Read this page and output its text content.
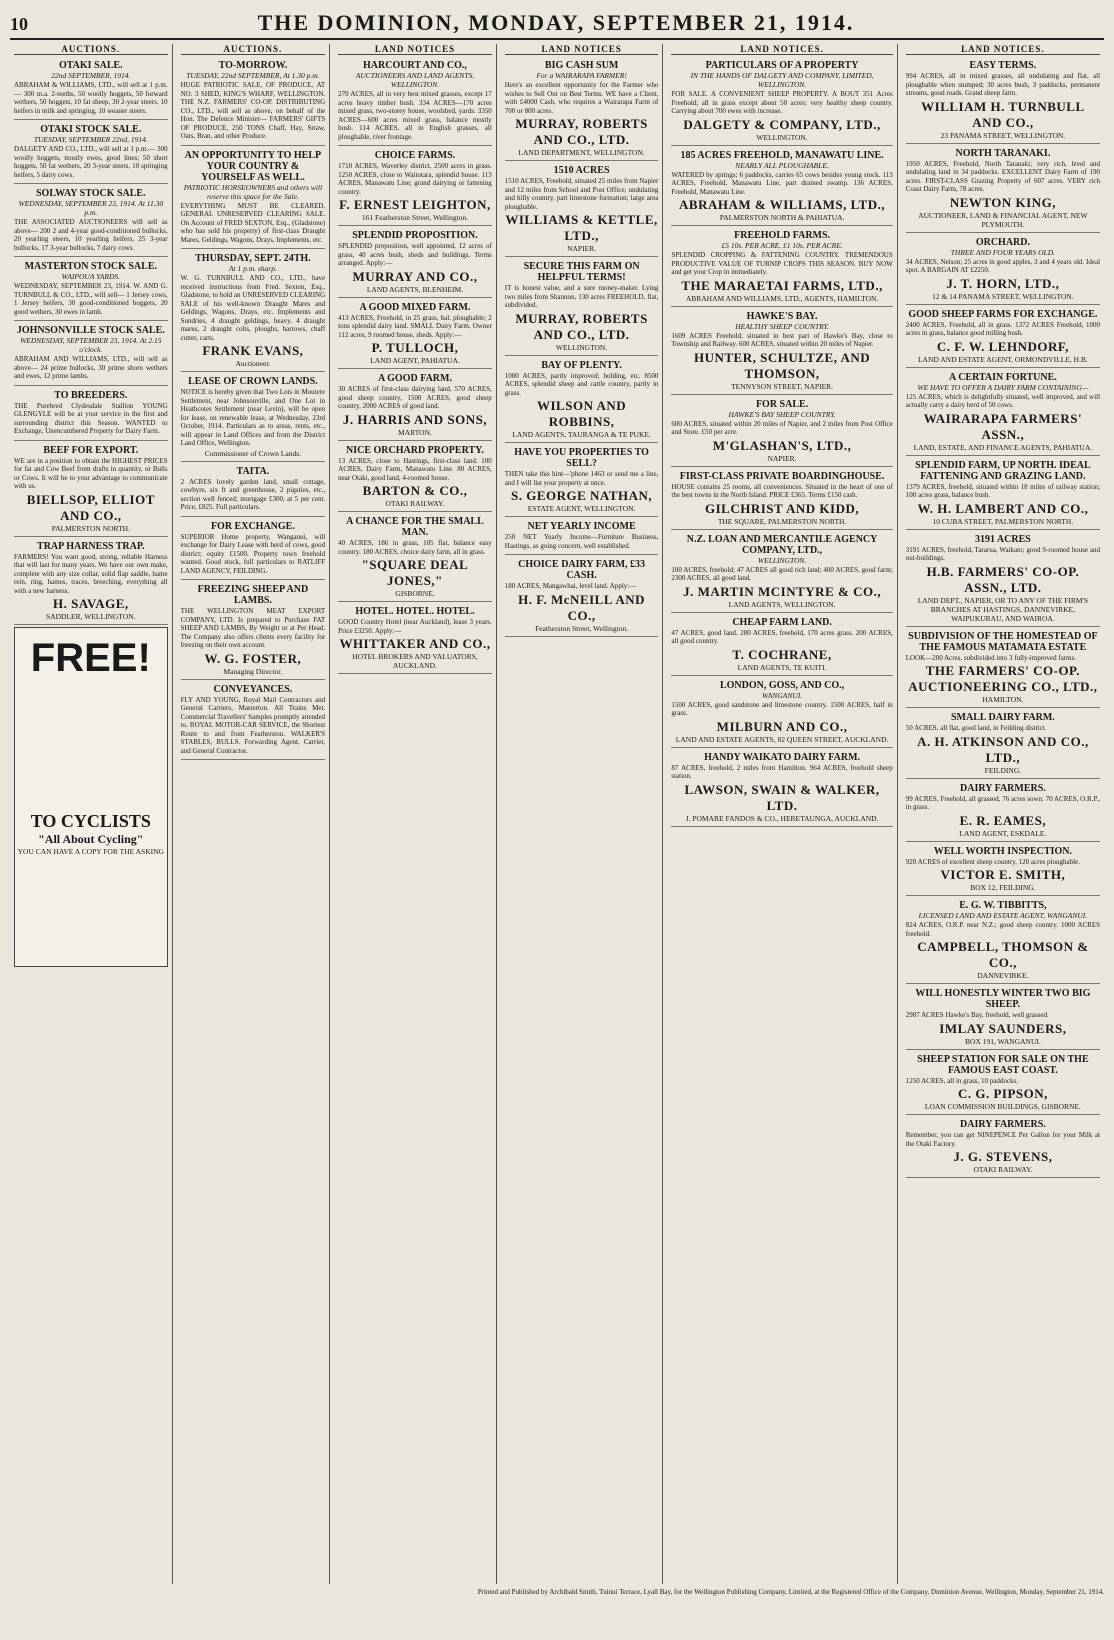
10	THE DOMINION, MONDAY, SEPTEMBER 21, 1914.
AUCTIONS.
OTAKI SALE.
22nd SEPTEMBER, 1914.
ABRAHAM & WILLIAMS, LTD., will sell at 1 p.m.— 300 m.a. 2-teeths, 50 woolly hoggets, 50 forward wethers, 50 hoggets, 10 fat sheep, 30 2-year steers, 10 heifers in milk and springing, 10 weaner steers.
OTAKI STOCK SALE.
TUESDAY, SEPTEMBER 22nd, 1914.
DALGETY AND CO., LTD., will sell at 1 p.m.— 300 woolly hoggets, mostly ewes, good lines; 50 short hoggets, 50 fat wethers, 20 3-year steers, 10 springing heifers, 5 dairy cows.
SOLWAY STOCK SALE.
WEDNESDAY, SEPTEMBER 23, 1914. At 11.30 p.m.
THE ASSOCIATED AUCTIONEERS will sell as above— 200 2 and 4-year good-conditioned bullocks, 20 yearling steers, 10 yearling heifers, 25 3-year bullocks, 17 3-year bullocks, 7 dairy cows.
MASTERTON STOCK SALE.
WAIPOUA YARDS.
WEDNESDAY, SEPTEMBER 23, 1914. W. AND G. TURNBULL & CO., LTD., will sell— 1 Jersey cows, 1 Jersey heifers, 30 good-conditioned hoggets, 20 good wethers, 30 ewes in lamb.
JOHNSONVILLE STOCK SALE.
WEDNESDAY, SEPTEMBER 23, 1914. At 2.15 o'clock.
ABRAHAM AND WILLIAMS, LTD., will sell as above— 24 prime bullocks, 30 prime shorn wethers and ewes, 12 prime lambs.
TO BREEDERS.
THE Purebred Clydesdale Stallion YOUNG GLENGYLE will be at your service in the first and surrounding district this Season. WANTED to Exchange, Unencumbered Property for Dairy Farm.
BEEF FOR EXPORT.
WE are in a position to obtain the HIGHEST PRICES for fat and Cow Beef from drafts in quantity, or Bulls or Cows. It will be to your advantage to communicate with us.
BIELLSOP, ELLIOT AND CO.,
PALMERSTON NORTH.
TRAP HARNESS TRAP.
FARMERS! You want good, strong, reliable Harness that will last for many years. We have our own make, complete with any size collar, solid flap saddle, hame rein, ring, hames, traces, breeching, everything all with a new harness.
H. SAVAGE,
SADDLER, WELLINGTON.
FREE!
TO CYCLISTS
"All About Cycling"
YOU CAN HAVE A COPY FOR THE ASKING
AUCTIONS.
TO-MORROW.
TUESDAY, 22nd SEPTEMBER, At 1.30 p.m.
HUGE PATRIOTIC SALE, OF PRODUCE, AT NO. 3 SHED, KING'S WHARF, WELLINGTON. THE N.Z. FARMERS' CO-OP. DISTRIBUTING CO., LTD., will sell as above, on behalf of the Hon. The Defence Minister— FARMERS' GIFTS OF PRODUCE, 250 TONS Chaff, Hay, Straw, Oats, Bran, and other Produce.
AN OPPORTUNITY TO HELP YOUR COUNTRY & YOURSELF AS WELL.
PATRIOTIC HORSEOWNERS and others will reserve this space for the Sale.
EVERYTHING MUST BE CLEARED. GENERAL UNRESERVED CLEARING SALE. On Account of FRED SEXTON, Esq., (Gladstone) who has sold his property) of first-class Draught Mares, Geldings, Wagons, Drays, Implements, etc.
THURSDAY, SEPT. 24TH.
At 1 p.m. sharp.
W. G. TURNBULL AND CO., LTD., have received instructions from Fred. Sexton, Esq., Gladstone, to hold an UNRESERVED CLEARING SALE of his well-known Draught Mares and Geldings, Wagons, Drays, etc. Implements and Sundries, 4 draught geldings, heavy, 4 draught mares, 2 draught colts, ploughs, harrows, chaff cutter, carts.
FRANK EVANS,
Auctioneer.
LEASE OF CROWN LANDS.
NOTICE is hereby given that Two Lots in Moutere Settlement, near Johnsonville, and One Lot in Heathcotes Settlement (near Levin), will be open for lease, on renewable lease, at Wednesday, 23rd October, 1914. Particulars as to areas, rents, etc., will appear in Land Offices and from the District Land Office, Wellington.
Commissioner of Crown Lands.
TAITA.
2 ACRES lovely garden land, small cottage, cowbyre, six ft and greenhouse, 2 pigsties, etc., section well fenced; mortgage £300, at 5 per cent. Price, £825. Full particulars.
FOR EXCHANGE.
SUPERIOR Home property, Wanganui, will exchange for Dairy Lease with herd of cows, good district; equity £1500. Property town freehold wanted. Good stock, full particulars to RATLIFF LAND AGENCY, FEILDING.
FREEZING SHEEP AND LAMBS.
THE WELLINGTON MEAT EXPORT COMPANY, LTD. Is prepared to Purchase FAT SHEEP AND LAMBS, By Weight or at Per Head. The Company also offers clients every facility for freezing on their own account.
W. G. FOSTER,
Managing Director.
CONVEYANCES.
FLY AND YOUNG, Royal Mail Contractors and General Carriers, Masterton. All Trains Met. Commercial Travellers' Samples promptly attended to. ROYAL MOTOR-CAR SERVICE, the Shortest Route to and from Featherston. WALKER'S STABLES, BULLS. Forwarding Agent, Carrier, and General Contractor.
LAND NOTICES
HARCOURT AND CO.,
AUCTIONEERS AND LAND AGENTS, WELLINGTON.
270 ACRES, all in very best mixed grasses, except 17 acres heavy timber bush. 334 ACRES—170 acres mixed grass, two-storey house, woolshed, yards. 3350 ACRES—600 acres mixed grass, balance mostly bush. 114 ACRES, all in English grasses, all ploughable, river frontage.
CHOICE FARMS.
1710 ACRES, Waverley district, 2500 acres in grass. 1250 ACRES, close to Waitotara, splendid house. 113 ACRES, Manawatu Line; grand dairying or fattening country.
F. ERNEST LEIGHTON,
161 Featherston Street, Wellington.
SPLENDID PROPOSITION.
SPLENDID proposition, well appointed, 12 acres of grass, 40 acres bush, sheds and buildings. Terms arranged. Apply:—
MURRAY AND CO.,
LAND AGENTS, BLENHEIM.
A GOOD MIXED FARM.
413 ACRES, Freehold, in 25 grass, bal. ploughable; 2 tons splendid dairy land. SMALL Dairy Farm, Owner 112 acres, 9 roomed house, sheds. Apply:—
P. TULLOCH,
LAND AGENT, PAHIATUA.
A GOOD FARM.
30 ACRES of first-class dairying land, 570 ACRES, good sheep country, 1500 ACRES, good sheep country, 2000 ACRES of good land.
J. HARRIS AND SONS,
MARTON.
NICE ORCHARD PROPERTY.
13 ACRES, close to Hastings, first-class land. 100 ACRES, Dairy Farm, Manawatu Line. 80 ACRES, near Otaki, good land, 4-roomed house.
BARTON & CO.,
OTAKI RAILWAY.
A CHANCE FOR THE SMALL MAN.
40 ACRES, 186 in grass, 105 flat, balance easy country. 180 ACRES, choice dairy farm, all in grass.
"SQUARE DEAL JONES,"
GISBORNE.
HOTEL. HOTEL. HOTEL.
GOOD Country Hotel (near Auckland), lease 3 years. Price £3250. Apply:—
WHITTAKER AND CO.,
HOTEL BROKERS AND VALUATORS, AUCKLAND.
LAND NOTICES
BIG CASH SUM
For a WAIRARAPA FARMER!
Here's an excellent opportunity for the Farmer who wishes to Sell Out on Best Terms. WE have a Client, with £4000 Cash, who requires a Wairarapa Farm of 700 or 800 acres.
MURRAY, ROBERTS AND CO., LTD.
LAND DEPARTMENT, WELLINGTON.
1510 ACRES
1510 ACRES, Freehold, situated 25 miles from Napier and 12 miles from School and Post Office; undulating and hilly country, part limestone formation; large area ploughable.
WILLIAMS & KETTLE, LTD.,
NAPIER.
SECURE THIS FARM ON HELPFUL TERMS!
IT is honest value, and a sure money-maker. Lying two miles from Shannon, 130 acres FREEHOLD, flat, subdivided.
MURRAY, ROBERTS AND CO., LTD.
WELLINGTON.
BAY OF PLENTY.
1000 ACRES, partly improved; holding, etc. 8500 ACRES, splendid sheep and cattle country, partly in grass.
WILSON AND ROBBINS,
LAND AGENTS, TAURANGA & TE PUKE.
HAVE YOU PROPERTIES TO SELL?
THEN take this hint—'phone 1463 or send me a line, and I will list your property at once.
S. GEORGE NATHAN,
ESTATE AGENT, WELLINGTON.
NET YEARLY INCOME
250 NET Yearly Income—Furniture Business, Hastings, as going concern, well established.
CHOICE DAIRY FARM, £33 CASH.
180 ACRES, Mangawhai, level land. Apply:—
H. F. McNEILL AND CO.,
Featherston Street, Wellington.
LAND NOTICES.
PARTICULARS OF A PROPERTY
IN THE HANDS OF DALGETY AND COMPANY, LIMITED, WELLINGTON.
FOR SALE. A CONVENIENT SHEEP PROPERTY. A BOUT 351 Acres Freehold; all in grass except about 50 acres; very healthy sheep country. Carrying about 700 ewes with increase.
DALGETY & COMPANY, LTD.,
WELLINGTON.
185 ACRES FREEHOLD, MANAWATU LINE.
NEARLY ALL PLOUGHABLE.
WATERED by springs; 6 paddocks, carries 65 cows besides young stock. 113 ACRES, Freehold, Manawatu Line, part drained swamp. 136 ACRES, Freehold, Manawatu Line.
ABRAHAM & WILLIAMS, LTD.,
PALMERSTON NORTH & PAHIATUA.
FREEHOLD FARMS.
£5 10s. PER ACRE. £1 10s. PER ACRE.
SPLENDID CROPPING & FATTENING COUNTRY. TREMENDOUS PRODUCTIVE VALUE OF TURNIP CROPS THIS SEASON. BUY NOW and get your Crop in immediately.
THE MARAETAI FARMS, LTD.,
ABRAHAM AND WILLIAMS, LTD., AGENTS, HAMILTON.
HAWKE'S BAY.
HEALTHY SHEEP COUNTRY.
1609 ACRES Freehold, situated in best part of Hawke's Bay, close to Township and Railway. 600 ACRES, situated within 20 miles of Napier.
HUNTER, SCHULTZE, AND THOMSON,
TENNYSON STREET, NAPIER.
FOR SALE.
HAWKE'S BAY SHEEP COUNTRY.
600 ACRES, situated within 20 miles of Napier, and 2 miles from Post Office and Store. £50 per acre.
M'GLASHAN'S, LTD.,
NAPIER.
FIRST-CLASS PRIVATE BOARDINGHOUSE.
HOUSE contains 25 rooms, all conveniences. Situated in the heart of one of the best towns in the North Island. PRICE £365. Terms £150 cash.
GILCHRIST AND KIDD,
THE SQUARE, PALMERSTON NORTH.
N.Z. LOAN AND MERCANTILE AGENCY COMPANY, LTD.,
WELLINGTON.
100 ACRES, freehold; 47 ACRES all good rich land; 400 ACRES, good farm; 2300 ACRES, all good land.
J. MARTIN MCINTYRE & CO.,
LAND AGENTS, WELLINGTON.
CHEAP FARM LAND.
47 ACRES, good land. 280 ACRES, freehold, 170 acres grass. 200 ACRES, all good country.
T. COCHRANE,
LAND AGENTS, TE KUITI.
LONDON, GOSS, AND CO.,
WANGANUI.
1500 ACRES, good sandstone and limestone country. 1500 ACRES, half in grass.
MILBURN AND CO.,
LAND AND ESTATE AGENTS, 82 QUEEN STREET, AUCKLAND.
HANDY WAIKATO DAIRY FARM.
87 ACRES, freehold, 2 miles from Hamilton. 964 ACRES, freehold sheep station.
LAWSON, SWAIN & WALKER, LTD.
J. POMARE FANDOS & CO., HERETAUNGA, AUCKLAND.
LAND NOTICES.
EASY TERMS.
994 ACRES, all in mixed grasses, all undulating and flat, all ploughable when stumped; 30 acres bush, 3 paddocks, permanent streams, good roads. Grand sheep farm.
WILLIAM H. TURNBULL AND CO.,
23 PANAMA STREET, WELLINGTON.
NORTH TARANAKI.
1950 ACRES, Freehold, North Taranaki; very rich, level and undulating land in 34 paddocks. EXCELLENT Dairy Farm of 190 acres. FIRST-CLASS Grazing Property of 607 acres. VERY rich Coast Dairy Farm, 78 acres.
NEWTON KING,
AUCTIONEER, LAND & FINANCIAL AGENT, NEW PLYMOUTH.
ORCHARD.
THREE AND FOUR YEARS OLD.
34 ACRES, Nelson; 25 acres in good apples, 3 and 4 years old. Ideal spot. A BARGAIN AT £2250.
J. T. HORN, LTD.,
12 & 14 PANAMA STREET, WELLINGTON.
GOOD SHEEP FARMS FOR EXCHANGE.
2400 ACRES, Freehold, all in grass. 1372 ACRES Freehold, 1000 acres in grass, balance good milling bush.
C. F. W. LEHNDORF,
LAND AND ESTATE AGENT, ORMONDVILLE, H.B.
A CERTAIN FORTUNE.
WE HAVE TO OFFER A DAIRY FARM CONTAINING—
125 ACRES, which is delightfully situated, well improved, and will actually carry a dairy herd of 50 cows.
WAIRARAPA FARMERS' ASSN.,
LAND, ESTATE, AND FINANCE AGENTS, PAHIATUA.
SPLENDID FARM, UP NORTH. IDEAL FATTENING AND GRAZING LAND.
1379 ACRES, freehold, situated within 18 miles of railway station; 100 acres grass, balance bush.
W. H. LAMBERT AND CO.,
10 CUBA STREET, PALMERSTON NORTH.
3191 ACRES
3191 ACRES, freehold, Tararua, Waikato; good 9-roomed house and out-buildings.
H.B. FARMERS' CO-OP. ASSN., LTD.
LAND DEPT., NAPIER, OR TO ANY OF THE FIRM'S BRANCHES AT HASTINGS, DANNEVIRKE, WAIPUKURAU, AND WAIROA.
SUBDIVISION OF THE HOMESTEAD OF THE FAMOUS MATAMATA ESTATE
LOOK—200 Acres, subdivided into 3 fully-improved farms.
THE FARMERS' CO-OP. AUCTIONEERING CO., LTD.,
HAMILTON.
SMALL DAIRY FARM.
50 ACRES, all flat, good land, in Feilding district.
A. H. ATKINSON AND CO., LTD.,
FEILDING.
DAIRY FARMERS.
99 ACRES, Freehold, all grassed, 76 acres sown. 70 ACRES, O.R.P., in grass.
E. R. EAMES,
LAND AGENT, ESKDALE.
WELL WORTH INSPECTION.
920 ACRES of excellent sheep country, 120 acres ploughable.
VICTOR E. SMITH,
BOX 12, FEILDING.
E. G. W. TIBBITTS,
LICENSED LAND AND ESTATE AGENT, WANGANUI.
824 ACRES, O.R.P. near N.Z.; good sheep country. 1000 ACRES freehold.
CAMPBELL, THOMSON & CO.,
DANNEVIRKE.
WILL HONESTLY WINTER TWO BIG SHEEP.
2987 ACRES Hawke's Bay, freehold, well grassed.
IMLAY SAUNDERS,
BOX 191, WANGANUI.
SHEEP STATION FOR SALE ON THE FAMOUS EAST COAST.
1250 ACRES, all in grass, 10 paddocks.
C. G. PIPSON,
LOAN COMMISSION BUILDINGS, GISBORNE.
DAIRY FARMERS.
Remember, you can get NINEPENCE Per Gallon for your Milk at the Otaki Factory.
J. G. STEVENS,
OTAKI RAILWAY.
Printed and Published by Archibald Smith, Tuinui Terrace, Lyall Bay, for the Wellington Publishing Company, Limited, at the Registered Office of the Company, Dominion Avenue, Wellington, Monday, September 21, 1914.
